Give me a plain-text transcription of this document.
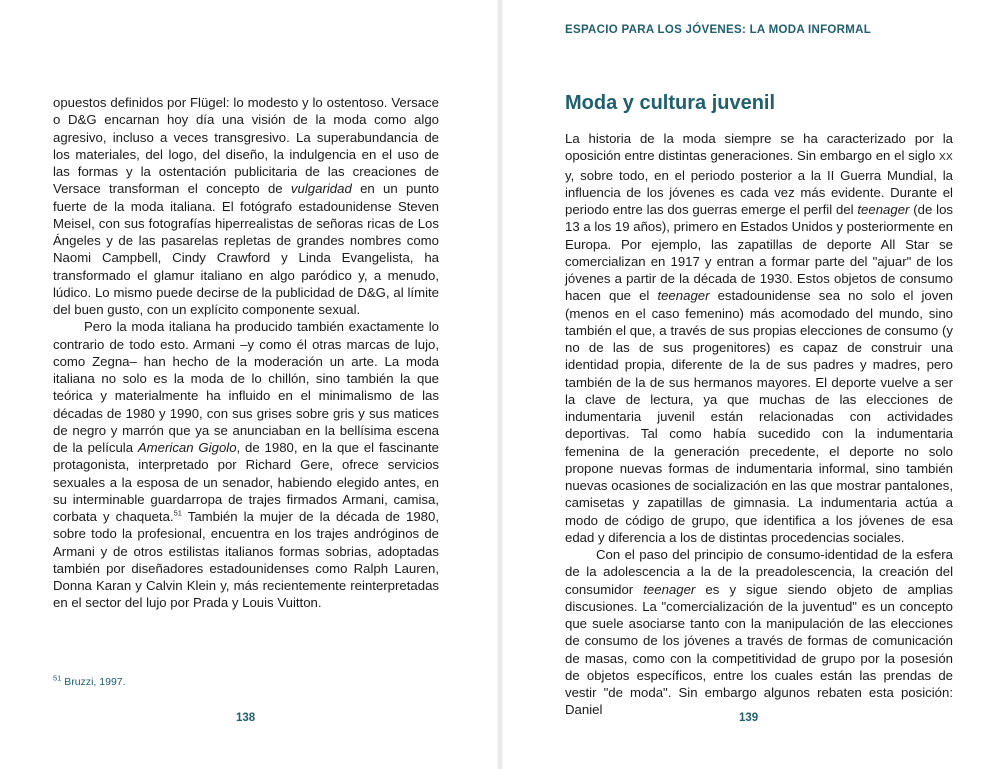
opuestos definidos por Flügel: lo modesto y lo ostentoso. Versace o D&G encarnan hoy día una visión de la moda como algo agresivo, incluso a veces transgresivo. La superabundancia de los materiales, del logo, del diseño, la indulgencia en el uso de las formas y la ostentación publicitaria de las creaciones de Versace transforman el concepto de vulgaridad en un punto fuerte de la moda italiana. El fotógrafo estadounidense Steven Meisel, con sus fotografías hiperrealistas de señoras ricas de Los Ángeles y de las pasarelas repletas de grandes nombres como Naomi Campbell, Cindy Crawford y Linda Evangelista, ha transformado el glamur italiano en algo paródico y, a menudo, lúdico. Lo mismo puede decirse de la publicidad de D&G, al límite del buen gusto, con un explícito componente sexual.

Pero la moda italiana ha producido también exactamente lo contrario de todo esto. Armani –y como él otras marcas de lujo, como Zegna– han hecho de la moderación un arte. La moda italiana no solo es la moda de lo chillón, sino también la que teórica y materialmente ha influido en el minimalismo de las décadas de 1980 y 1990, con sus grises sobre gris y sus matices de negro y marrón que ya se anunciaban en la bellísima escena de la película American Gigolo, de 1980, en la que el fascinante protagonista, interpretado por Richard Gere, ofrece servicios sexuales a la esposa de un senador, habiendo elegido antes, en su interminable guardarropa de trajes firmados Armani, camisa, corbata y chaqueta.$^{51}$ También la mujer de la década de 1980, sobre todo la profesional, encuentra en los trajes andróginos de Armani y de otros estilistas italianos formas sobrias, adoptadas también por diseñadores estadounidenses como Ralph Lauren, Donna Karan y Calvin Klein y, más recientemente reinterpretadas en el sector del lujo por Prada y Louis Vuitton.

$^{51}$ Bruzzi, 1997.
138
ESPACIO PARA LOS JÓVENES: LA MODA INFORMAL
Moda y cultura juvenil

La historia de la moda siempre se ha caracterizado por la oposición entre distintas generaciones. Sin embargo en el siglo XX y, sobre todo, en el periodo posterior a la II Guerra Mundial, la influencia de los jóvenes es cada vez más evidente. Durante el periodo entre las dos guerras emerge el perfil del teenager (de los 13 a los 19 años), primero en Estados Unidos y posteriormente en Europa. Por ejemplo, las zapatillas de deporte All Star se comercializan en 1917 y entran a formar parte del "ajuar" de los jóvenes a partir de la década de 1930. Estos objetos de consumo hacen que el teenager estadounidense sea no solo el joven (menos en el caso femenino) más acomodado del mundo, sino también el que, a través de sus propias elecciones de consumo (y no de las de sus progenitores) es capaz de construir una identidad propia, diferente de la de sus padres y madres, pero también de la de sus hermanos mayores. El deporte vuelve a ser la clave de lectura, ya que muchas de las elecciones de indumentaria juvenil están relacionadas con actividades deportivas. Tal como había sucedido con la indumentaria femenina de la generación precedente, el deporte no solo propone nuevas formas de indumentaria informal, sino también nuevas ocasiones de socialización en las que mostrar pantalones, camisetas y zapatillas de gimnasia. La indumentaria actúa a modo de código de grupo, que identifica a los jóvenes de esa edad y diferencia a los de distintas procedencias sociales.

Con el paso del principio de consumo-identidad de la esfera de la adolescencia a la de la preadolescencia, la creación del consumidor teenager es y sigue siendo objeto de amplias discusiones. La "comercialización de la juventud" es un concepto que suele asociarse tanto con la manipulación de las elecciones de consumo de los jóvenes a través de formas de comunicación de masas, como con la competitividad de grupo por la posesión de objetos específicos, entre los cuales están las prendas de vestir "de moda". Sin embargo algunos rebaten esta posición: Daniel

139
